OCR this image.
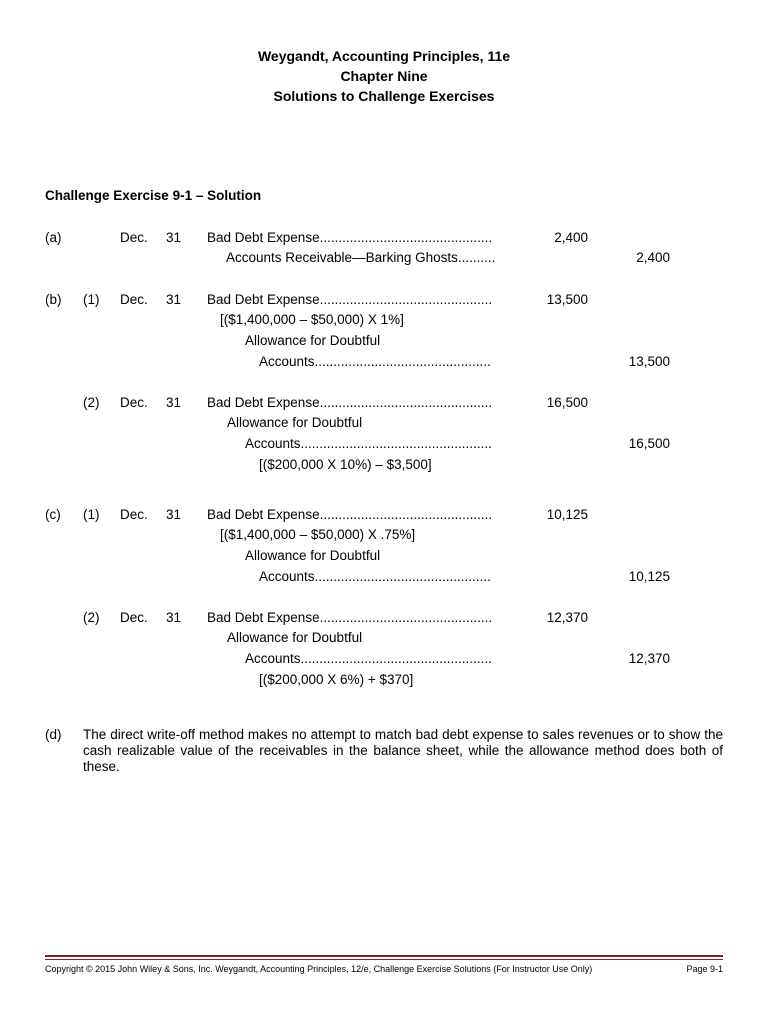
Weygandt, Accounting Principles, 11e
Chapter Nine
Solutions to Challenge Exercises
Challenge Exercise 9-1 – Solution
(a)	Dec. 31 Bad Debt Expense..............................................	2,400
Accounts Receivable—Barking Ghosts..........	2,400
(b) (1) Dec. 31 Bad Debt Expense..............................................	13,500
[($1,400,000 – $50,000) X 1%]
Allowance for Doubtful
Accounts...............................................	13,500
(2) Dec. 31 Bad Debt Expense..............................................	16,500
Allowance for Doubtful
Accounts...................................................	16,500
[($200,000 X 10%) – $3,500]
(c) (1) Dec. 31 Bad Debt Expense..............................................	10,125
[($1,400,000 – $50,000) X .75%]
Allowance for Doubtful
Accounts...............................................	10,125
(2) Dec. 31 Bad Debt Expense..............................................	12,370
Allowance for Doubtful
Accounts...................................................	12,370
[($200,000 X 6%) + $370]
(d) The direct write-off method makes no attempt to match bad debt expense to sales revenues or to show the cash realizable value of the receivables in the balance sheet, while the allowance method does both of these.
Copyright © 2015 John Wiley & Sons, Inc. Weygandt, Accounting Principles, 12/e, Challenge Exercise Solutions (For Instructor Use Only)	Page 9-1
